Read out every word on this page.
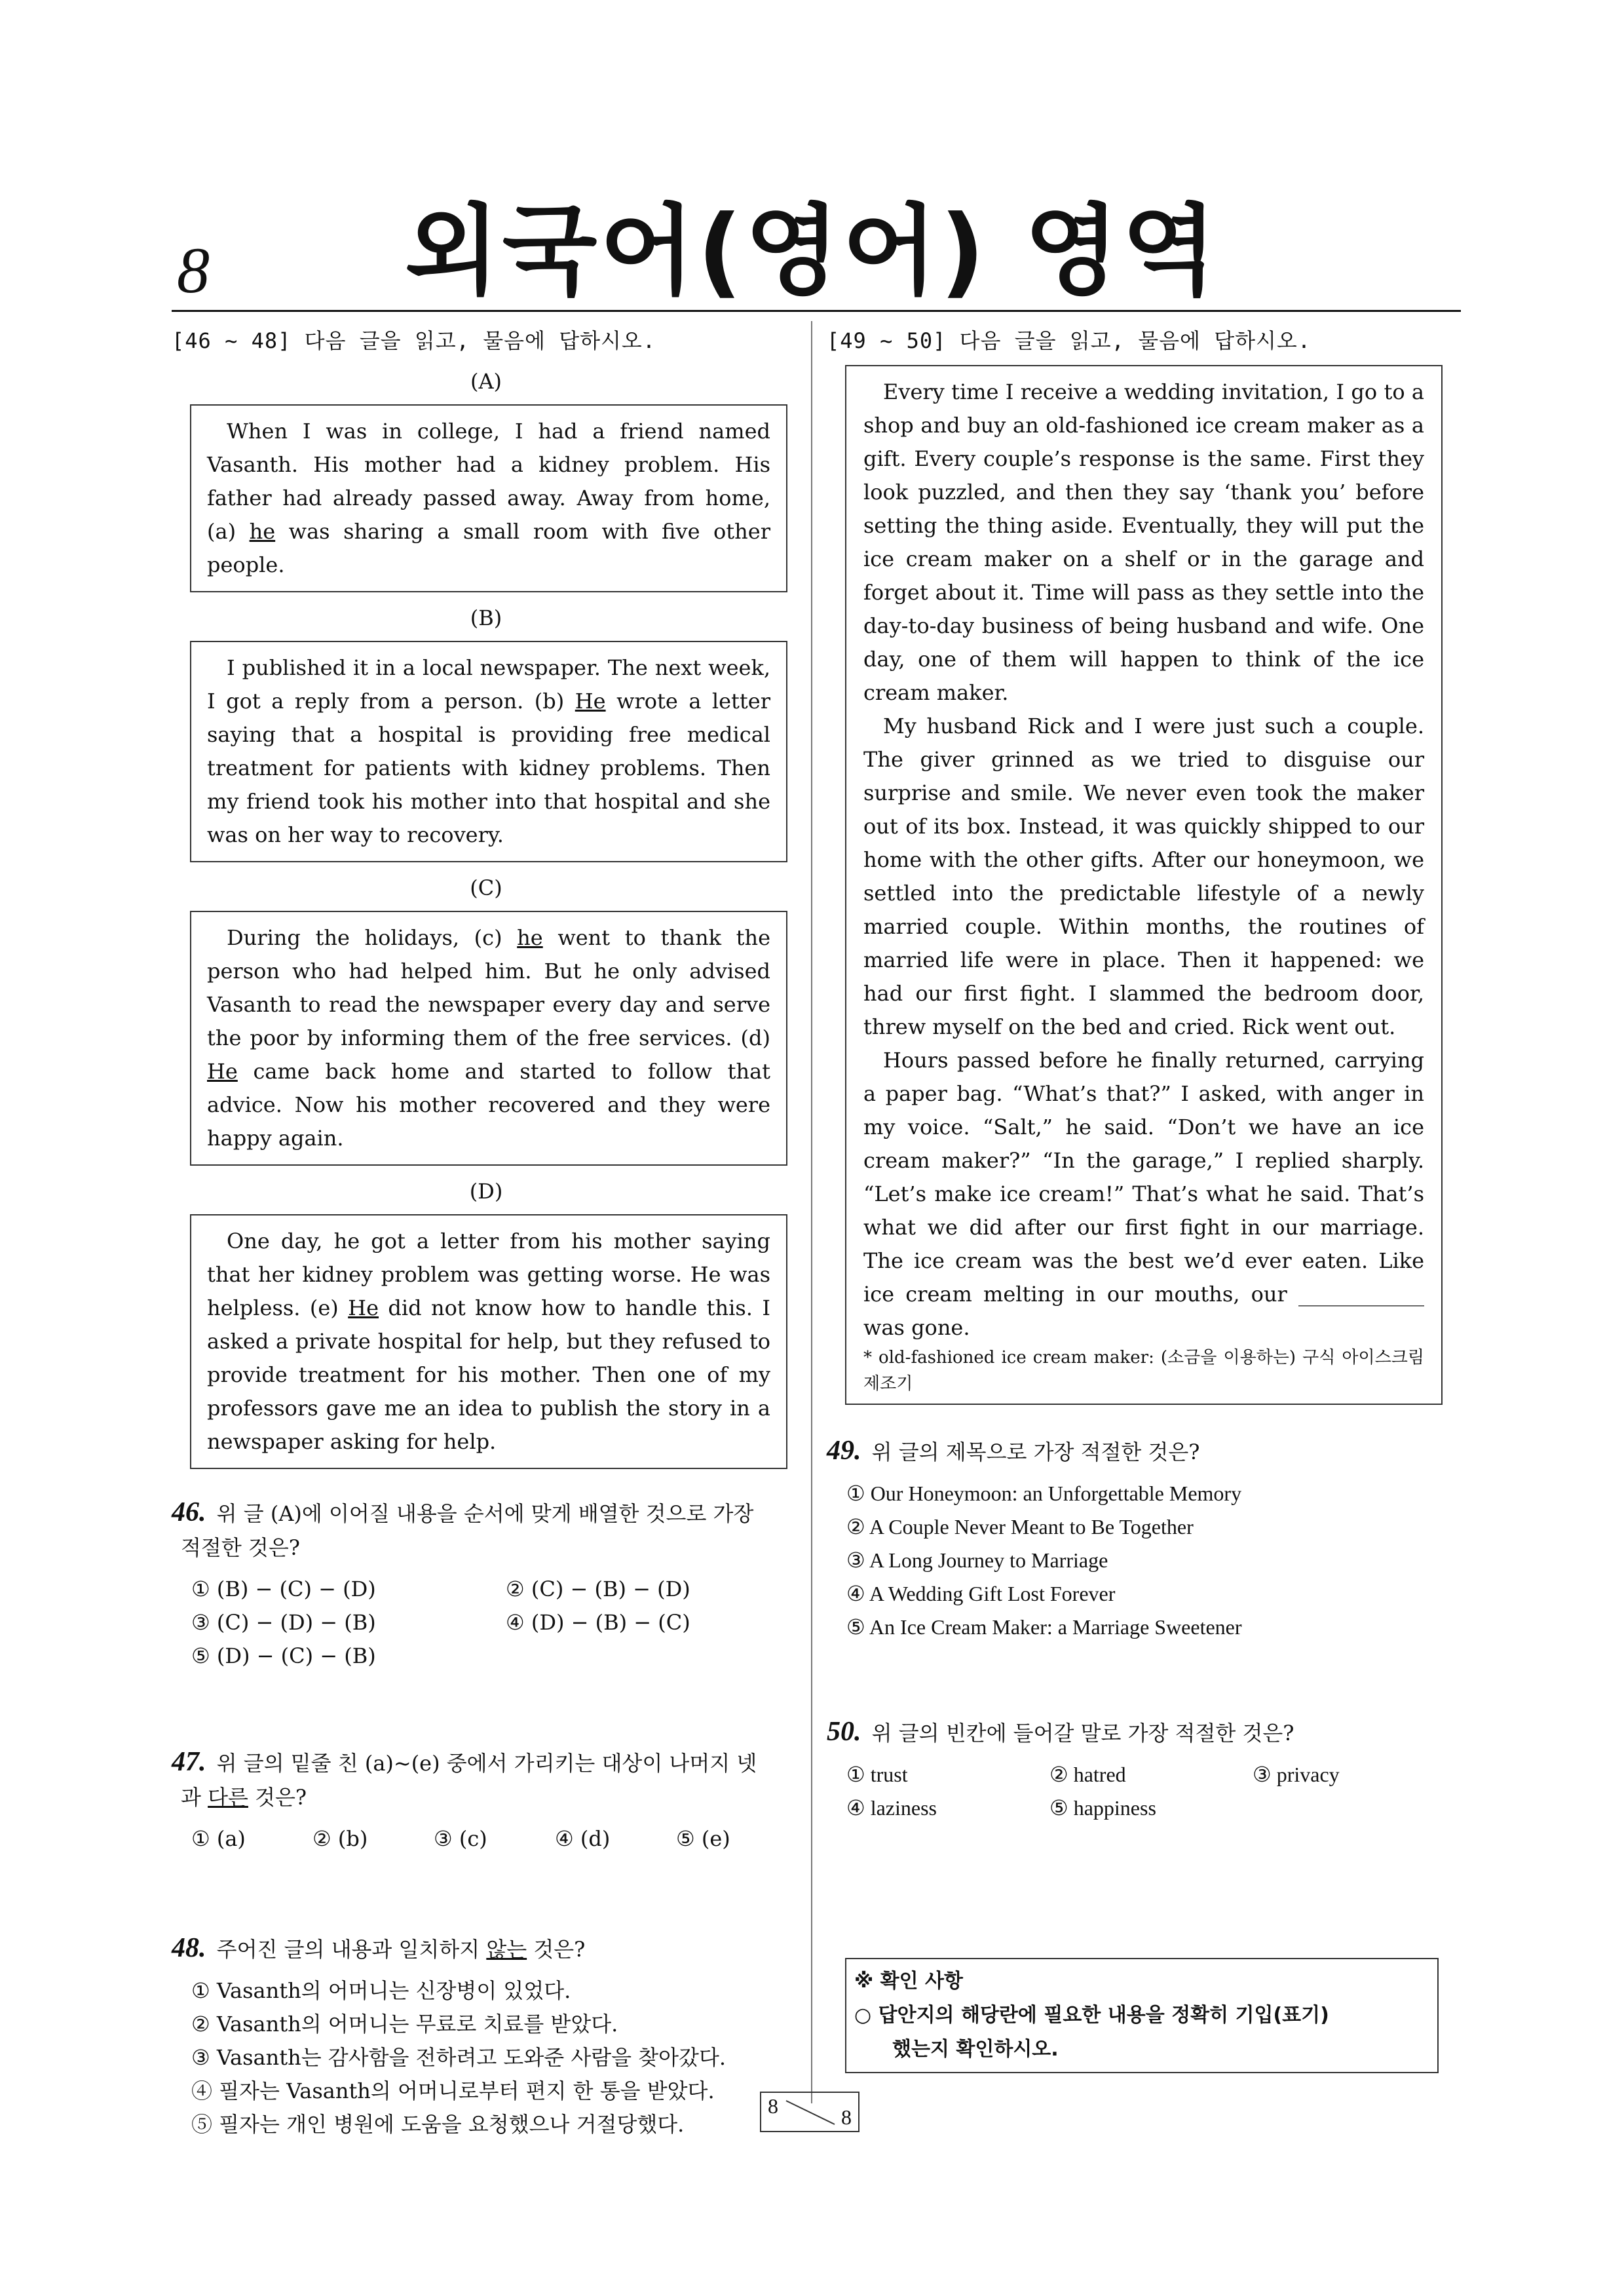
8	외국어(영어) 영역
[46 ~ 48] 다음 글을 읽고, 물음에 답하시오.
(A)

When I was in college, I had a friend named Vasanth. His mother had a kidney problem. His father had already passed away. Away from home, (a) he was sharing a small room with five other people.

(B)

I published it in a local newspaper. The next week, I got a reply from a person. (b) He wrote a letter saying that a hospital is providing free medical treatment for patients with kidney problems. Then my friend took his mother into that hospital and she was on her way to recovery.

(C)

During the holidays, (c) he went to thank the person who had helped him. But he only advised Vasanth to read the newspaper every day and serve the poor by informing them of the free services. (d) He came back home and started to follow that advice. Now his mother recovered and they were happy again.

(D)

One day, he got a letter from his mother saying that her kidney problem was getting worse. He was helpless. (e) He did not know how to handle this. I asked a private hospital for help, but they refused to provide treatment for his mother. Then one of my professors gave me an idea to publish the story in a newspaper asking for help.

46. 위 글 (A)에 이어질 내용을 순서에 맞게 배열한 것으로 가장
적절한 것은?
① (B) − (C) − (D)	② (C) − (B) − (D)
③ (C) − (D) − (B)	④ (D) − (B) − (C)
⑤ (D) − (C) − (B)
47. 위 글의 밑줄 친 (a)~(e) 중에서 가리키는 대상이 나머지 넷
과 다른 것은?
① (a)	② (b)	③ (c)	④ (d)	⑤ (e)
48. 주어진 글의 내용과 일치하지 않는 것은?
① Vasanth의 어머니는 신장병이 있었다.
② Vasanth의 어머니는 무료로 치료를 받았다.
③ Vasanth는 감사함을 전하려고 도와준 사람을 찾아갔다.
④ 필자는 Vasanth의 어머니로부터 편지 한 통을 받았다.
⑤ 필자는 개인 병원에 도움을 요청했으나 거절당했다.
[49 ~ 50] 다음 글을 읽고, 물음에 답하시오.

Every time I receive a wedding invitation, I go to a shop and buy an old-fashioned ice cream maker as a gift. Every couple’s response is the same. First they look puzzled, and then they say ‘thank you’ before setting the thing aside. Eventually, they will put the ice cream maker on a shelf or in the garage and forget about it. Time will pass as they settle into the day-to-day business of being husband and wife. One day, one of them will happen to think of the ice cream maker.

My husband Rick and I were just such a couple. The giver grinned as we tried to disguise our surprise and smile. We never even took the maker out of its box. Instead, it was quickly shipped to our home with the other gifts. After our honeymoon, we settled into the predictable lifestyle of a newly married couple. Within months, the routines of married life were in place. Then it happened: we had our first fight. I slammed the bedroom door, threw myself on the bed and cried. Rick went out.

Hours passed before he finally returned, carrying a paper bag. “What’s that?” I asked, with anger in my voice. “Salt,” he said. “Don’t we have an ice cream maker?” “In the garage,” I replied sharply. “Let’s make ice cream!” That’s what he said. That’s what we did after our first fight in our marriage. The ice cream was the best we’d ever eaten. Like ice cream melting in our mouths, our ____________ was gone.

* old-fashioned ice cream maker: (소금을 이용하는) 구식 아이스크림 제조기

49. 위 글의 제목으로 가장 적절한 것은?
① Our Honeymoon: an Unforgettable Memory
② A Couple Never Meant to Be Together
③ A Long Journey to Marriage
④ A Wedding Gift Lost Forever
⑤ An Ice Cream Maker: a Marriage Sweetener
50. 위 글의 빈칸에 들어갈 말로 가장 적절한 것은?
① trust	② hatred	③ privacy
④ laziness	⑤ happiness
※ 확인 사항
○ 답안지의 해당란에 필요한 내용을 정확히 기입(표기)
했는지 확인하시오.
8	8
